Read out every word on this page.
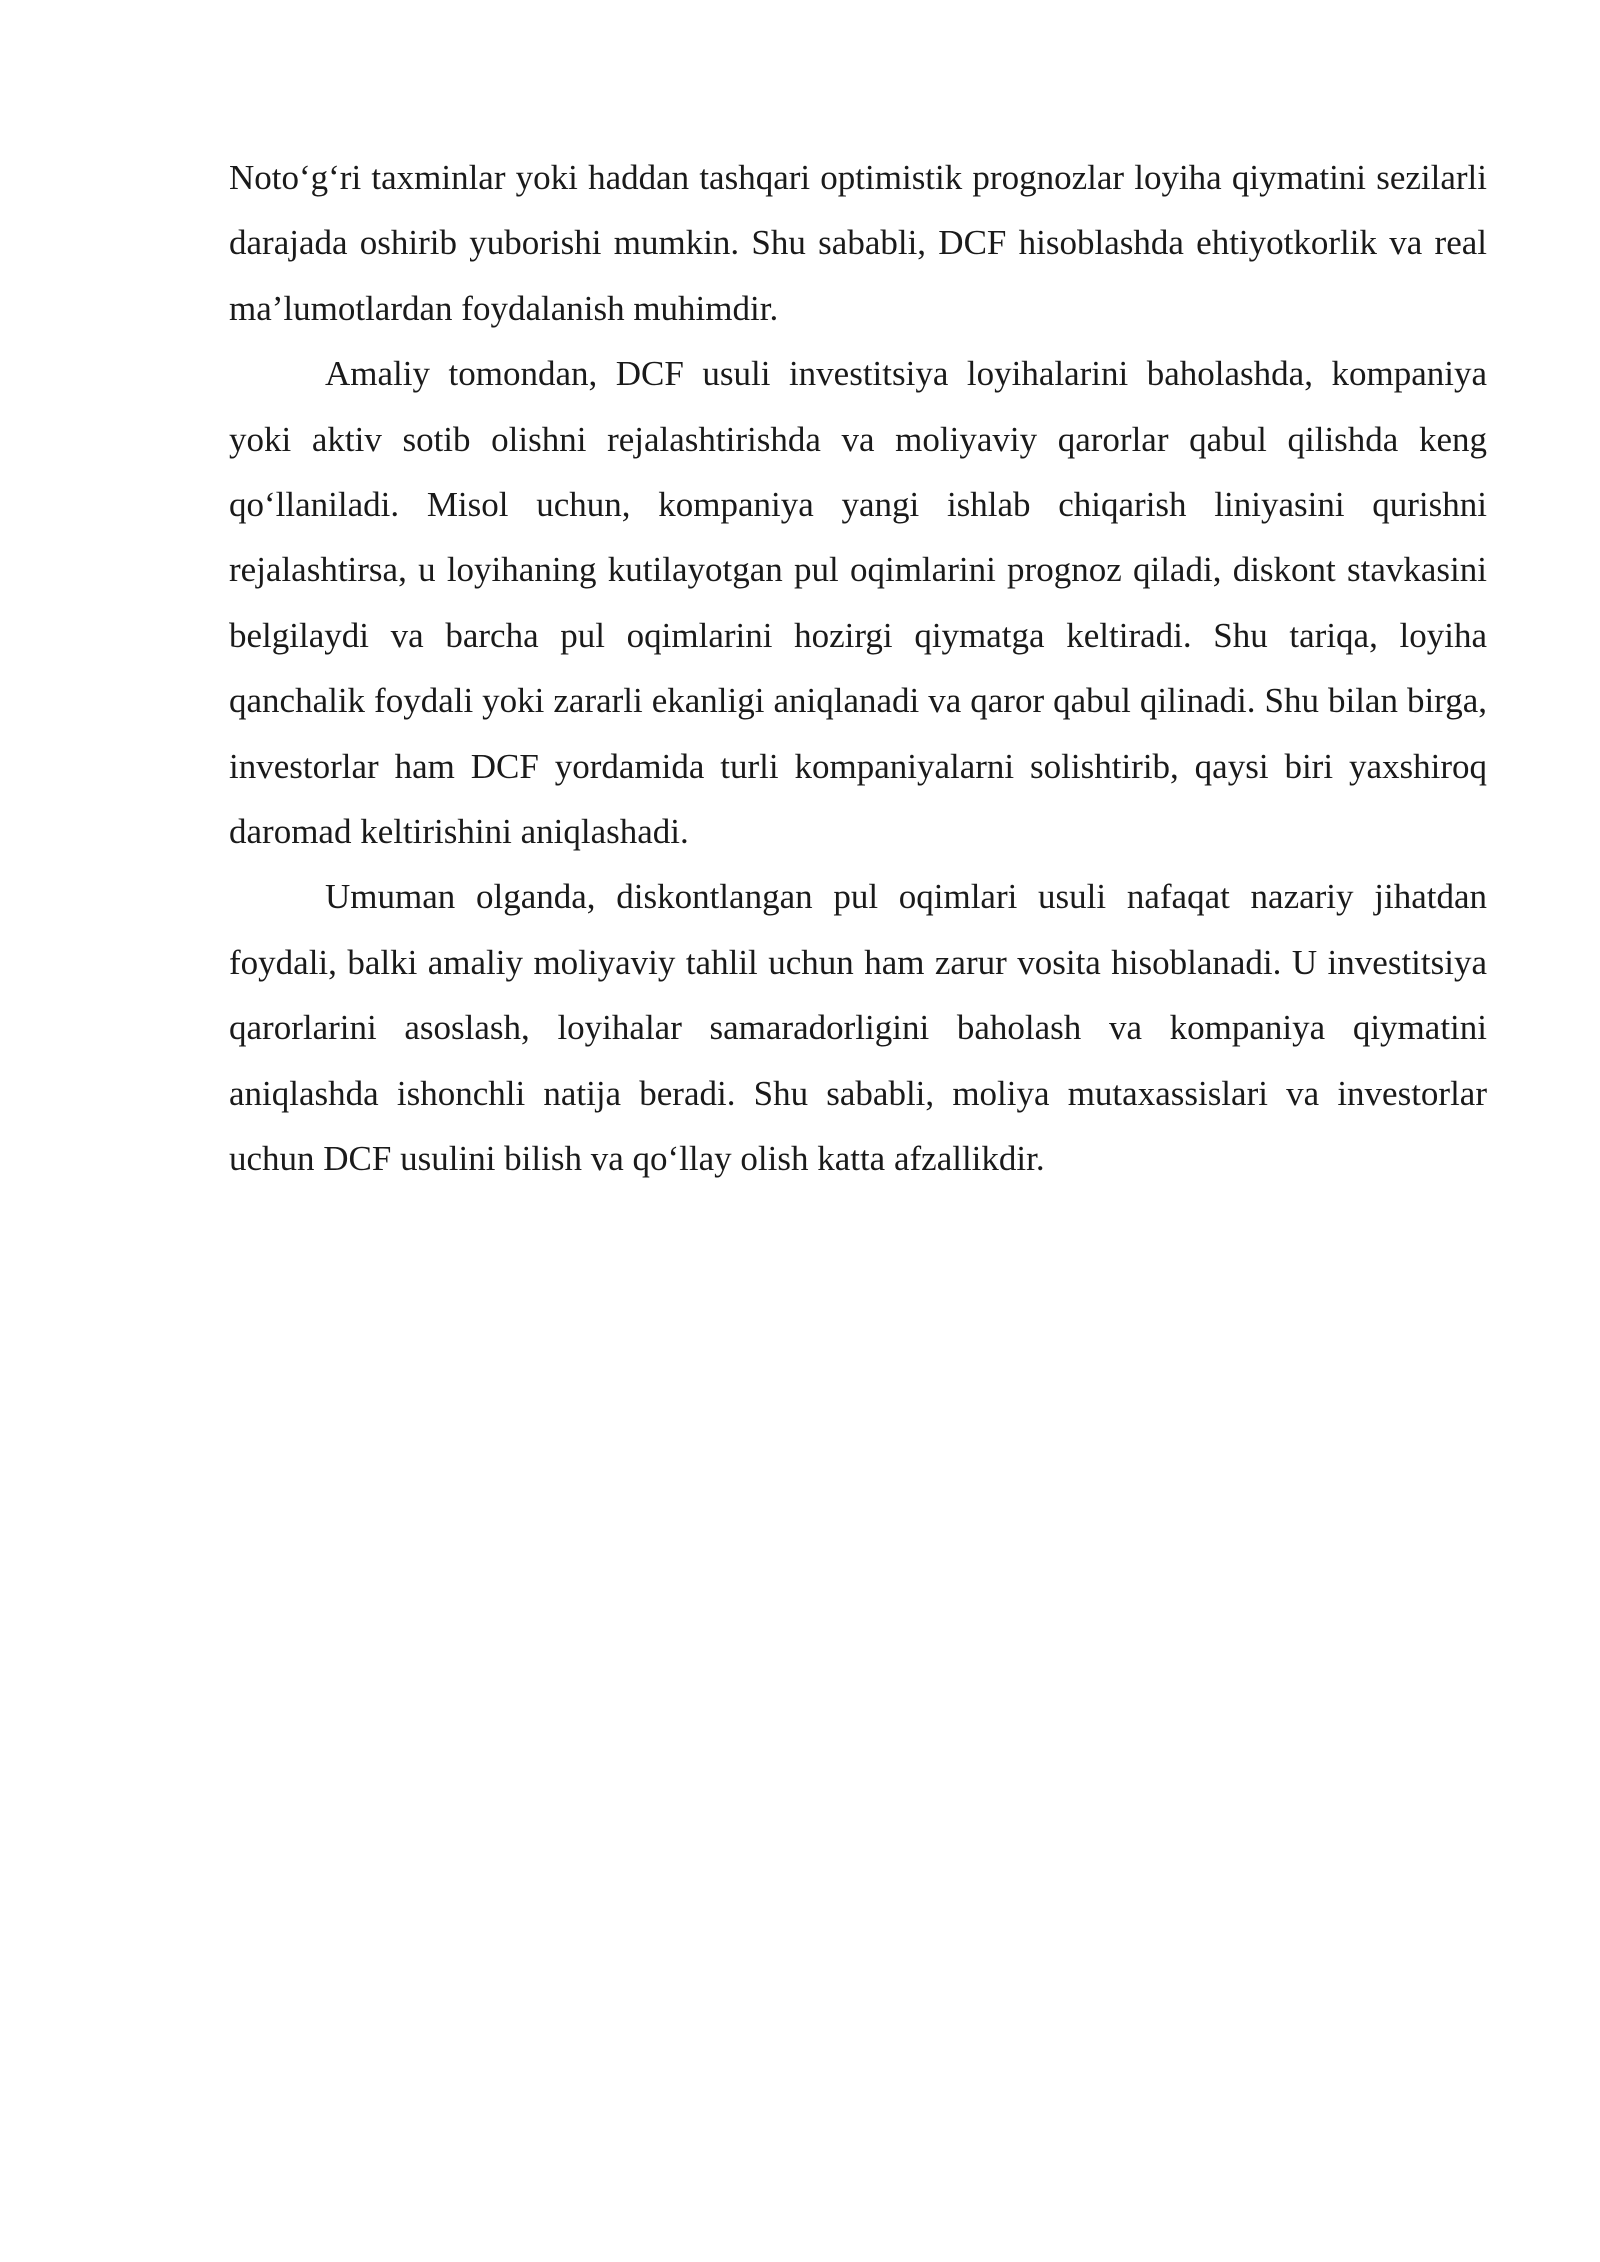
Noto‘g‘ri taxminlar yoki haddan tashqari optimistik prognozlar loyiha qiymatini sezilarli darajada oshirib yuborishi mumkin. Shu sababli, DCF hisoblashda ehtiyotkorlik va real ma’lumotlardan foydalanish muhimdir.

Amaliy tomondan, DCF usuli investitsiya loyihalarini baholashda, kompaniya yoki aktiv sotib olishni rejalashtirishda va moliyaviy qarorlar qabul qilishda keng qo‘llaniladi. Misol uchun, kompaniya yangi ishlab chiqarish liniyasini qurishni rejalashtirsa, u loyihaning kutilayotgan pul oqimlarini prognoz qiladi, diskont stavkasini belgilaydi va barcha pul oqimlarini hozirgi qiymatga keltiradi. Shu tariqa, loyiha qanchalik foydali yoki zararli ekanligi aniqlanadi va qaror qabul qilinadi. Shu bilan birga, investorlar ham DCF yordamida turli kompaniyalarni solishtirib, qaysi biri yaxshiroq daromad keltirishini aniqlashadi.

Umuman olganda, diskontlangan pul oqimlari usuli nafaqat nazariy jihatdan foydali, balki amaliy moliyaviy tahlil uchun ham zarur vosita hisoblanadi. U investitsiya qarorlarini asoslash, loyihalar samaradorligini baholash va kompaniya qiymatini aniqlashda ishonchli natija beradi. Shu sababli, moliya mutaxassislari va investorlar uchun DCF usulini bilish va qo‘llay olish katta afzallikdir.
